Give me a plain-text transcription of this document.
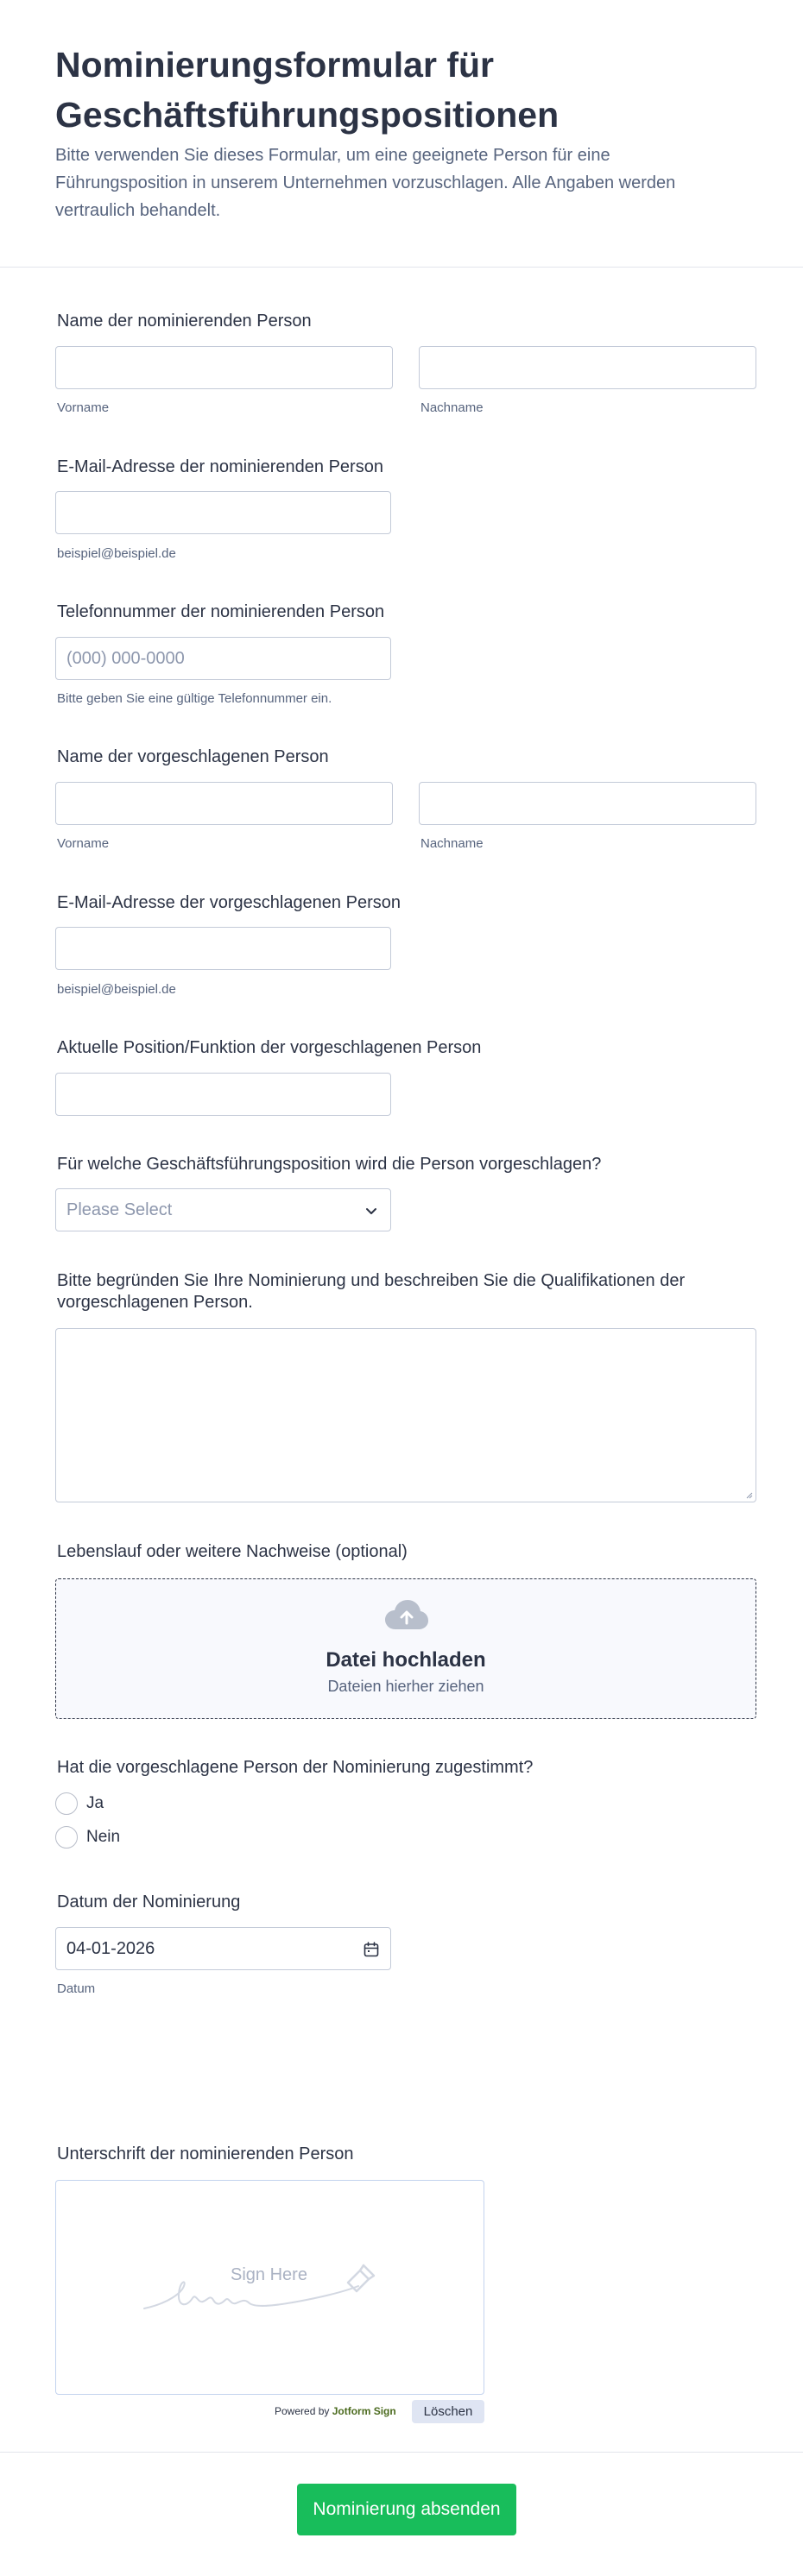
Nominierungsformular für Geschäftsführungspositionen

Bitte verwenden Sie dieses Formular, um eine geeignete Person für eine Führungsposition in unserem Unternehmen vorzuschlagen. Alle Angaben werden vertraulich behandelt.

Name der nominierenden Person
Vorname	Nachname
E-Mail-Adresse der nominierenden Person
beispiel@beispiel.de
Telefonnummer der nominierenden Person
(000) 000-0000
Bitte geben Sie eine gültige Telefonnummer ein.
Name der vorgeschlagenen Person
Vorname	Nachname
E-Mail-Adresse der vorgeschlagenen Person
beispiel@beispiel.de
Aktuelle Position/Funktion der vorgeschlagenen Person
Für welche Geschäftsführungsposition wird die Person vorgeschlagen?
Please Select
Bitte begründen Sie Ihre Nominierung und beschreiben Sie die Qualifikationen der vorgeschlagenen Person.
Lebenslauf oder weitere Nachweise (optional)
Datei hochladen
Dateien hierher ziehen
Hat die vorgeschlagene Person der Nominierung zugestimmt?
Ja
Nein
Datum der Nominierung
04-01-2026
Datum
Unterschrift der nominierenden Person
Sign Here
Powered by Jotform Sign	Löschen
Nominierung absenden
